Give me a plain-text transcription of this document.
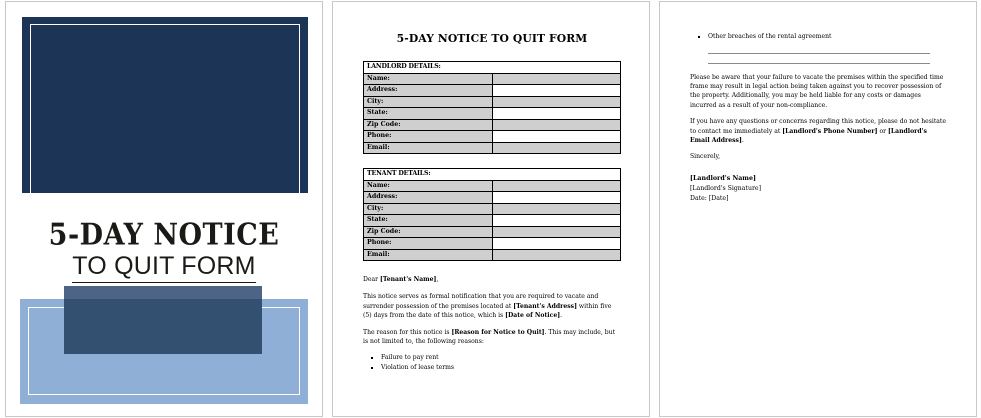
5-DAY NOTICE
TO QUIT FORM
5-DAY NOTICE TO QUIT FORM
LANDLORD DETAILS:	
Name:	
Address:	
City:	
State:	
Zip Code:	
Phone:	
Email:	
TENANT DETAILS:	
Name:	
Address:	
City:	
State:	
Zip Code:	
Phone:	
Email:	

Dear [Tenant's Name],

This notice serves as formal notification that you are required to vacate and surrender possession of the premises located at [Tenant's Address] within five (5) days from the date of this notice, which is [Date of Notice].

The reason for this notice is [Reason for Notice to Quit]. This may include, but is not limited to, the following reasons:

▪ Failure to pay rent
▪ Violation of lease terms
▪ Other breaches of the rental agreement

Please be aware that your failure to vacate the premises within the specified time frame may result in legal action being taken against you to recover possession of the property. Additionally, you may be held liable for any costs or damages incurred as a result of your non-compliance.

If you have any questions or concerns regarding this notice, please do not hesitate to contact me immediately at [Landlord's Phone Number] or [Landlord's Email Address].

Sincerely,

[Landlord's Name]
[Landlord's Signature]
Date: [Date]
